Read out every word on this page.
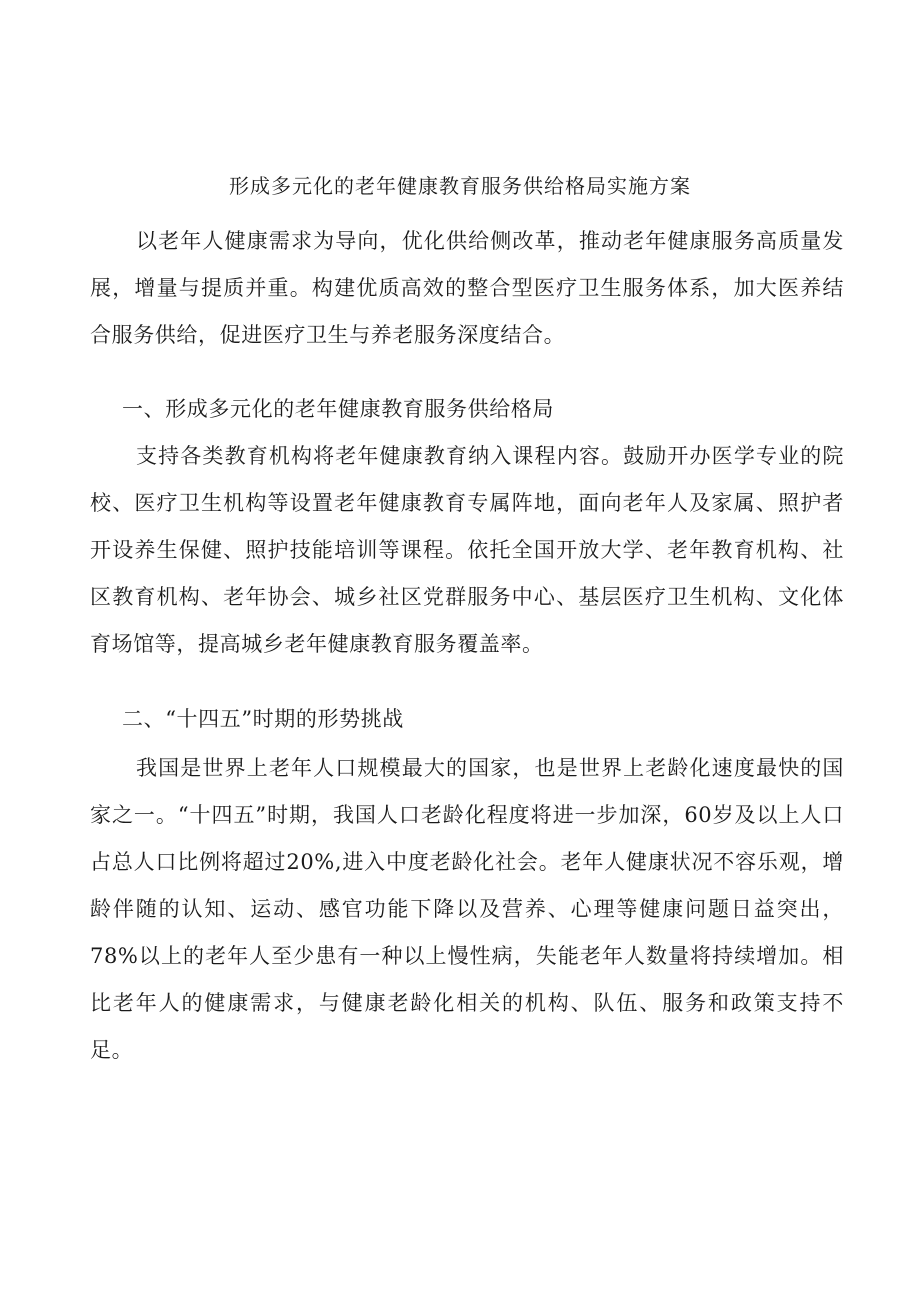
形成多元化的老年健康教育服务供给格局实施方案

以老年人健康需求为导向，优化供给侧改革，推动老年健康服务高质量发展，增量与提质并重。构建优质高效的整合型医疗卫生服务体系，加大医养结合服务供给，促进医疗卫生与养老服务深度结合。

一、形成多元化的老年健康教育服务供给格局

支持各类教育机构将老年健康教育纳入课程内容。鼓励开办医学专业的院校、医疗卫生机构等设置老年健康教育专属阵地，面向老年人及家属、照护者开设养生保健、照护技能培训等课程。依托全国开放大学、老年教育机构、社区教育机构、老年协会、城乡社区党群服务中心、基层医疗卫生机构、文化体育场馆等，提高城乡老年健康教育服务覆盖率。

二、“十四五”时期的形势挑战

我国是世界上老年人口规模最大的国家，也是世界上老龄化速度最快的国家之一。“十四五”时期，我国人口老龄化程度将进一步加深，60岁及以上人口占总人口比例将超过20%,进入中度老龄化社会。老年人健康状况不容乐观，增龄伴随的认知、运动、感官功能下降以及营养、心理等健康问题日益突出，78%以上的老年人至少患有一种以上慢性病，失能老年人数量将持续增加。相比老年人的健康需求，与健康老龄化相关的机构、队伍、服务和政策支持不足。
